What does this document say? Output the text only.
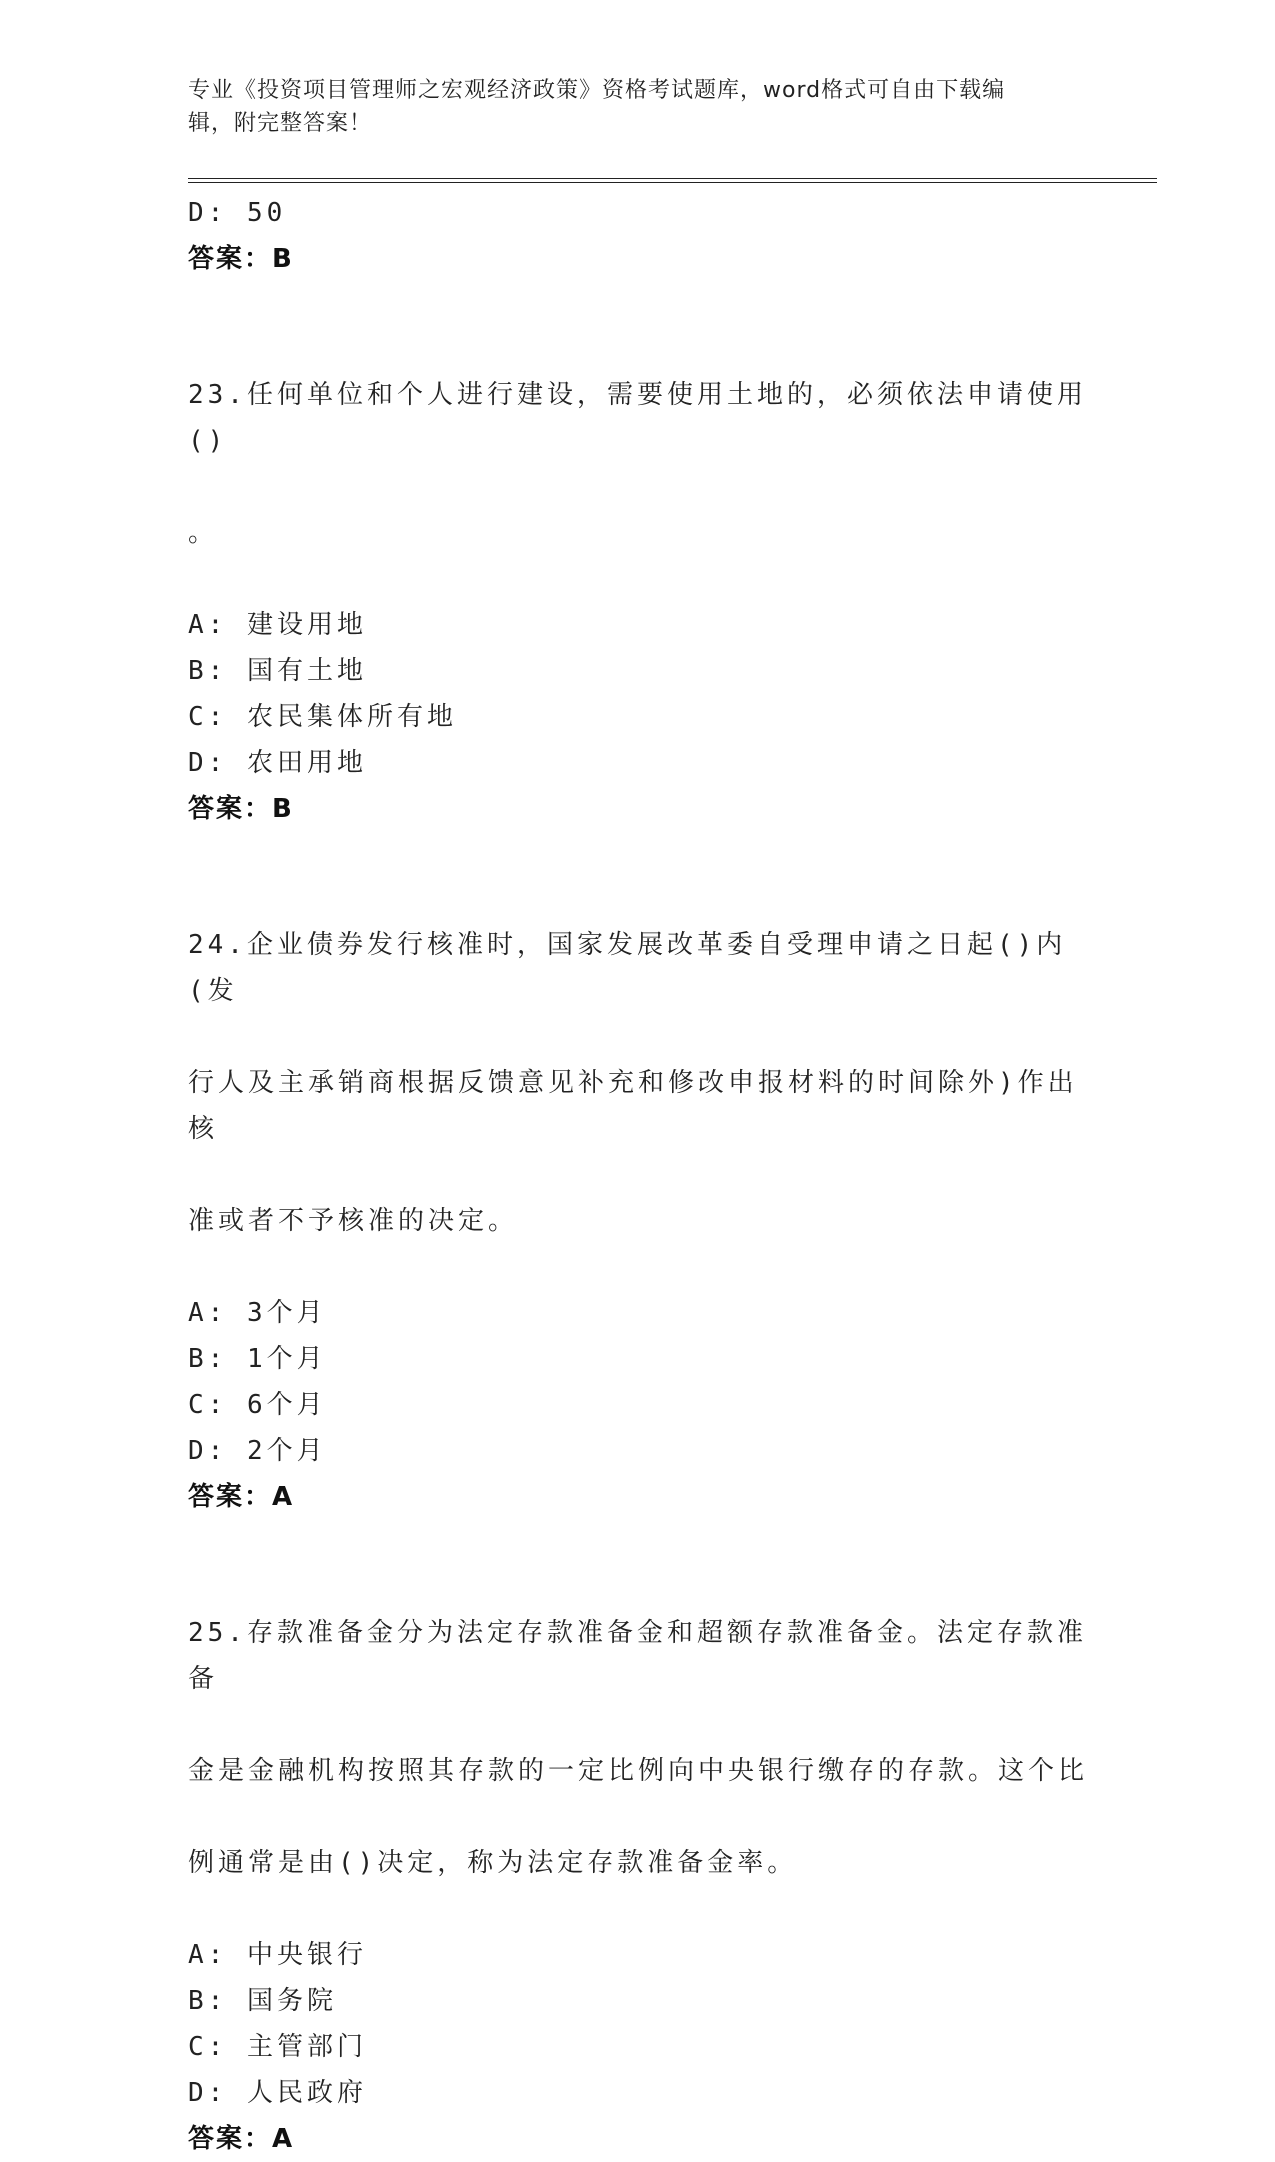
专业《投资项目管理师之宏观经济政策》资格考试题库，word格式可自由下载编
辑，附完整答案！
D: 50
答案：B

23.任何单位和个人进行建设，需要使用土地的，必须依法申请使用()

。

A: 建设用地
B: 国有土地
C: 农民集体所有地
D: 农田用地
答案：B

24.企业债券发行核准时，国家发展改革委自受理申请之日起()内(发

行人及主承销商根据反馈意见补充和修改申报材料的时间除外)作出核

准或者不予核准的决定。

A: 3个月
B: 1个月
C: 6个月
D: 2个月
答案：A

25.存款准备金分为法定存款准备金和超额存款准备金。法定存款准备

金是金融机构按照其存款的一定比例向中央银行缴存的存款。这个比

例通常是由()决定，称为法定存款准备金率。

A: 中央银行
B: 国务院
C: 主管部门
D: 人民政府
答案：A
